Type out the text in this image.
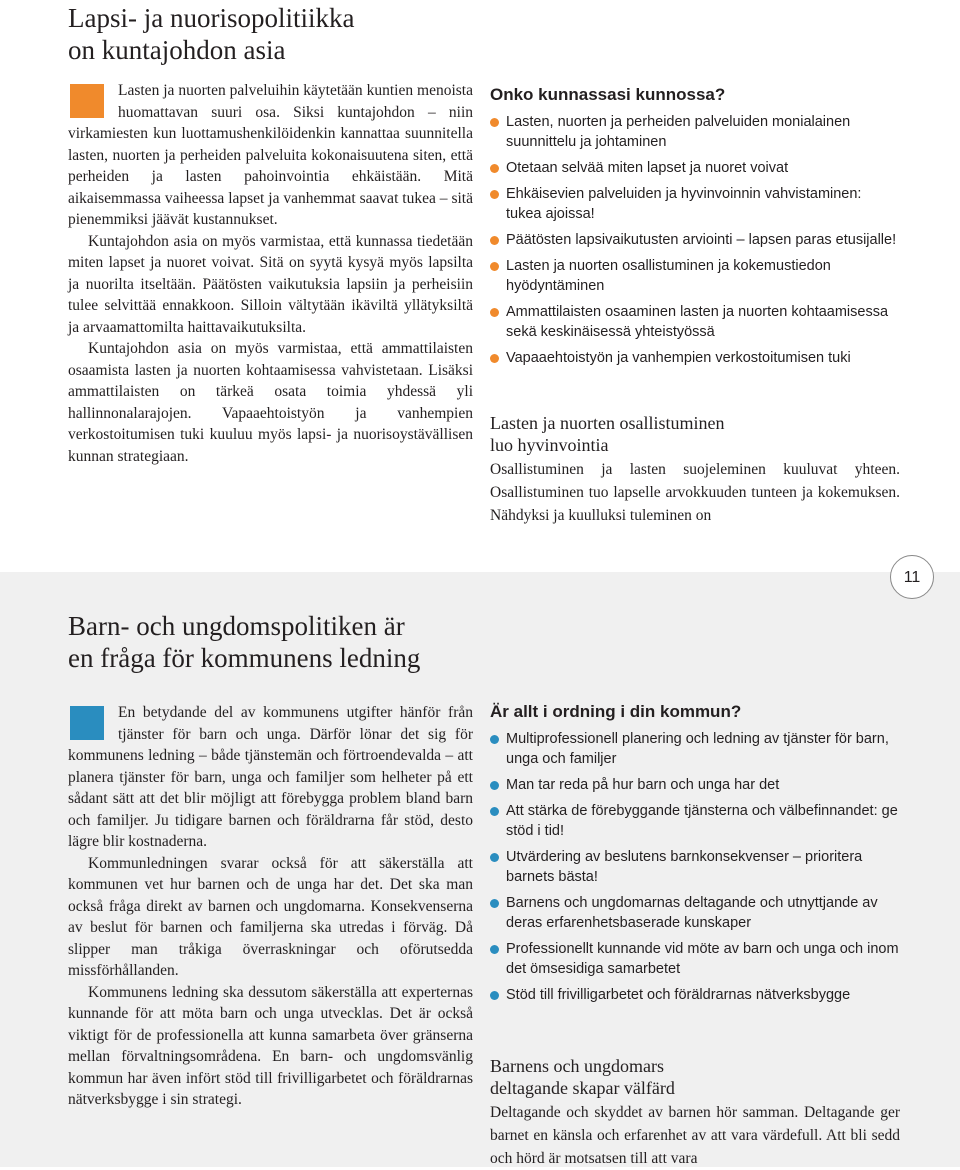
Lapsi- ja nuorisopolitiikka
on kuntajohdon asia

Lasten ja nuorten palveluihin käytetään kuntien menoista huomattavan suuri osa. Siksi kuntajohdon – niin virkamiesten kun luottamushenkilöidenkin kannattaa suunnitella lasten, nuorten ja perheiden palveluita kokonaisuutena siten, että perheiden ja lasten pahoinvointia ehkäistään. Mitä aikaisemmassa vaiheessa lapset ja vanhemmat saavat tukea – sitä pienemmiksi jäävät kustannukset.

Kuntajohdon asia on myös varmistaa, että kunnassa tiedetään miten lapset ja nuoret voivat. Sitä on syytä kysyä myös lapsilta ja nuorilta itseltään. Päätösten vaikutuksia lapsiin ja perheisiin tulee selvittää ennakkoon. Silloin vältytään ikäviltä yllätyksiltä ja arvaamattomilta haittavaikutuksilta.

Kuntajohdon asia on myös varmistaa, että ammattilaisten osaamista lasten ja nuorten kohtaamisessa vahvistetaan. Lisäksi ammattilaisten on tärkeä osata toimia yhdessä yli hallinnonalarajojen. Vapaaehtoistyön ja vanhempien verkostoitumisen tuki kuuluu myös lapsi- ja nuorisoystävällisen kunnan strategiaan.

Onko kunnassasi kunnossa?
Lasten, nuorten ja perheiden palveluiden monialainen suunnittelu ja johtaminen
Otetaan selvää miten lapset ja nuoret voivat
Ehkäisevien palveluiden ja hyvinvoinnin vahvistaminen: tukea ajoissa!
Päätösten lapsivaikutusten arviointi – lapsen paras etusijalle!
Lasten ja nuorten osallistuminen ja kokemustiedon hyödyntäminen
Ammattilaisten osaaminen lasten ja nuorten kohtaamisessa sekä keskinäisessä yhteistyössä
Vapaaehtoistyön ja vanhempien verkostoitumisen tuki
Lasten ja nuorten osallistuminen
luo hyvinvointia

Osallistuminen ja lasten suojeleminen kuuluvat yhteen. Osallistuminen tuo lapselle arvokkuuden tunteen ja kokemuksen. Nähdyksi ja kuulluksi tuleminen on

Barn- och ungdomspolitiken är
en fråga för kommunens ledning

En betydande del av kommunens utgifter hänför från tjänster för barn och unga. Därför lönar det sig för kommunens ledning – både tjänstemän och förtroendevalda – att planera tjänster för barn, unga och familjer som helheter på ett sådant sätt att det blir möjligt att förebygga problem bland barn och familjer. Ju tidigare barnen och föräldrarna får stöd, desto lägre blir kostnaderna.

Kommunledningen svarar också för att säkerställa att kommunen vet hur barnen och de unga har det. Det ska man också fråga direkt av barnen och ungdomarna. Konsekvenserna av beslut för barnen och familjerna ska utredas i förväg. Då slipper man tråkiga överraskningar och oförutsedda missförhållanden.

Kommunens ledning ska dessutom säkerställa att experternas kunnande för att möta barn och unga utvecklas. Det är också viktigt för de professionella att kunna samarbeta över gränserna mellan förvaltningsområdena. En barn- och ungdomsvänlig kommun har även infört stöd till frivilligarbetet och föräldrarnas nätverksbygge i sin strategi.

Är allt i ordning i din kommun?
Multiprofessionell planering och ledning av tjänster för barn, unga och familjer
Man tar reda på hur barn och unga har det
Att stärka de förebyggande tjänsterna och välbefinnandet: ge stöd i tid!
Utvärdering av beslutens barnkonsekvenser – prioritera barnets bästa!
Barnens och ungdomarnas deltagande och utnyttjande av deras erfarenhetsbaserade kunskaper
Professionellt kunnande vid möte av barn och unga och inom det ömsesidiga samarbetet
Stöd till frivilligarbetet och föräldrarnas nätverksbygge
Barnens och ungdomars
deltagande skapar välfärd

Deltagande och skyddet av barnen hör samman. Deltagande ger barnet en känsla och erfarenhet av att vara värdefull. Att bli sedd och hörd är motsatsen till att vara

11
